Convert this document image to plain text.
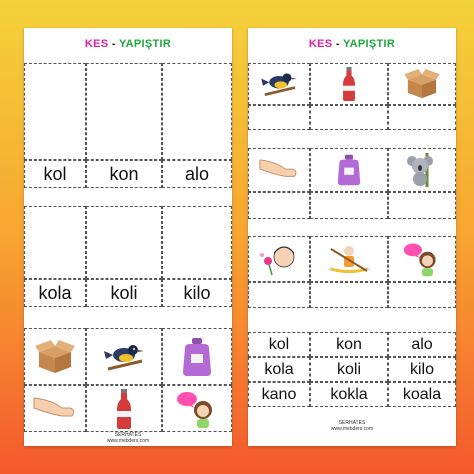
KES - YAPIŞTIR
kol	kon	alo
kola	koli	kilo
SERHATES
www.mebders.com
KES - YAPIŞTIR
kol	kon	alo
kola	koli	kilo
kano	kokla	koala
SERHATES
www.mebders.com
